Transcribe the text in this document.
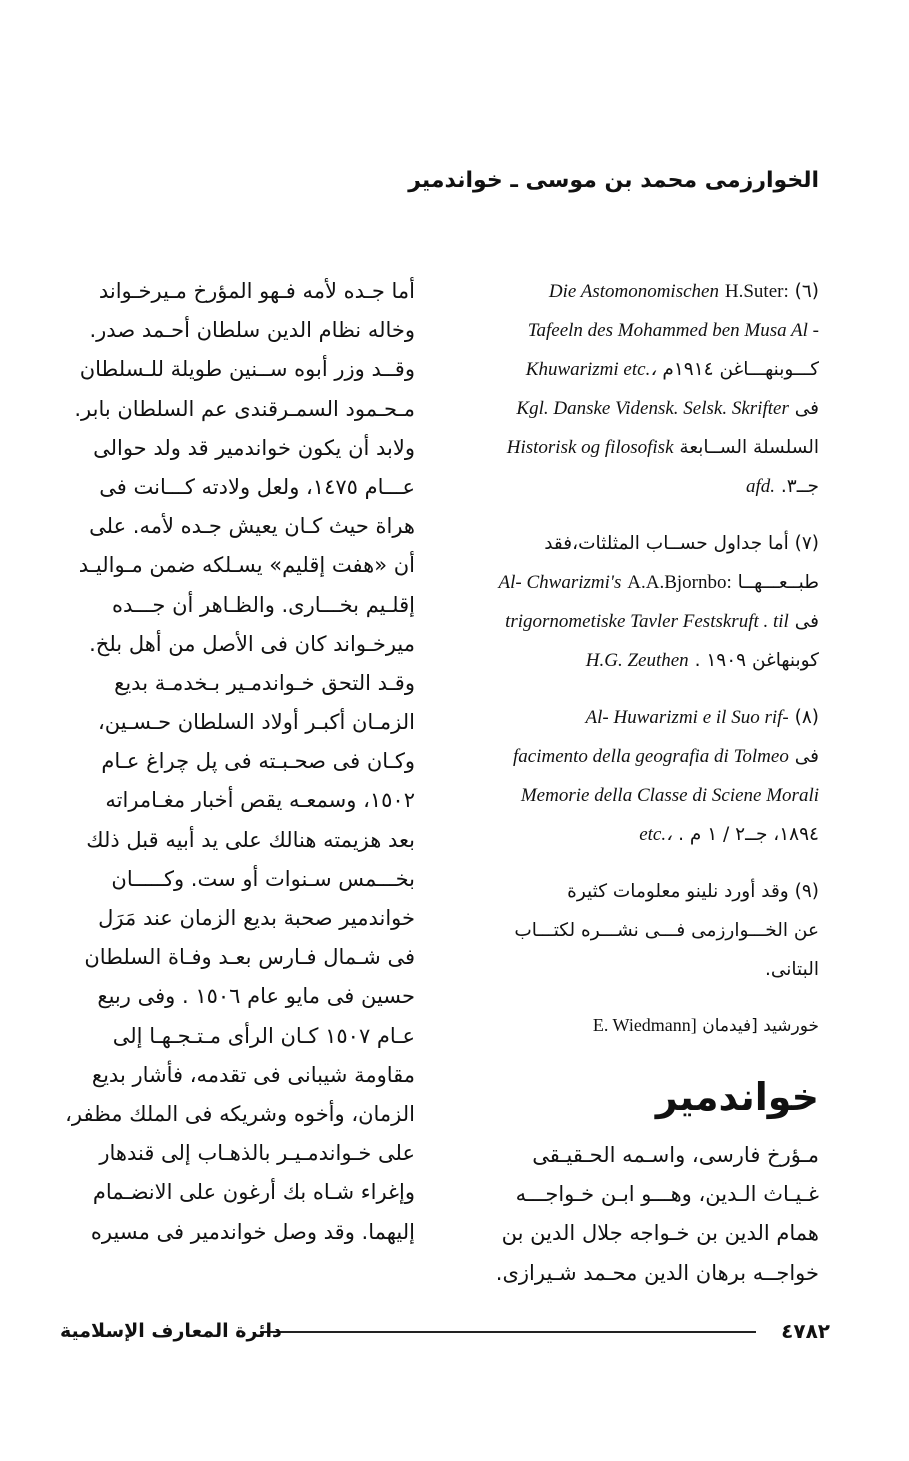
الخوارزمى محمد بن موسى ـ خواندمير
(٦) H.Suter: Die Astomonomischen
Tafeeln des Mohammed ben Musa Al -
كـــوبنهـــاغن ١٩١٤م Khuwarizmi etc.،
فى Kgl. Danske Vidensk. Selsk. Skrifter
السلسلة الســابعة Historisk og filosofisk
جــ٣. afd.
(٧) أما جداول حســاب المثلثات،فقد
طبــعـــهــا A.A.Bjornbo: Al- Chwarizmi's
فى trigornometiske Tavler Festskruft . til
كوبنهاغن ١٩٠٩ . H.G. Zeuthen
(٨) Al- Huwarizmi e il Suo rif-
فى facimento della geografia di Tolmeo
Memorie della Classe di Sciene Morali
١٨٩٤، جــ٢ / ١ م . etc.،
(٩) وقد أورد نلينو معلومات كثيرة
عن الخـــوارزمى فـــى نشـــره لكتـــاب
البتانى.
خورشيد [فيدمان E. Wiedmann]
خواندمير
مـؤرخ فارسى، واسـمه الحـقيـقى
غـيـاث الـدين، وهـــو ابـن خـواجـــه
همام الدين بن خـواجه جلال الدين بن
خواجــه برهان الدين محـمد شـيرازى.
أما جـده لأمه فـهو المؤرخ مـيرخـواند
وخاله نظام الدين سلطان أحـمد صدر.
وقــد وزر أبوه ســنين طويلة للـسلطان
مـحـمود السمـرقندى عم السلطان بابر.
ولابد أن يكون خواندمير قد ولد حوالى
عـــام ١٤٧٥، ولعل ولادته كـــانت فى
هراة حيث كـان يعيش جـده لأمه. على
أن «هفت إقليم» يسـلكه ضمن مـواليـد
إقلـيم بخـــارى. والظـاهر أن جـــده
ميرخـواند كان فى الأصل من أهل بلخ.
وقـد التحق خـواندمـير بـخدمـة بديع
الزمـان أكبـر أولاد السلطان حـسـين،
وكـان فى صحـبـته فى پل چراغ عـام
١٥٠٢، وسمعـه يقص أخبار مغـامراته
بعد هزيمته هنالك على يد أبيه قبل ذلك
بخـــمس سـنوات أو ست. وكـــــان
خواندمير صحبة بديع الزمان عند مَرَل
فى شـمال فـارس بعـد وفـاة السلطان
حسين فى مايو عام ١٥٠٦ . وفى ربيع
عـام ١٥٠٧ كـان الرأى مـتـجـهـا إلى
مقاومة شيبانى فى تقدمه، فأشار بديع
الزمان، وأخوه وشريكه فى الملك مظفر،
على خـواندمـيـر بالذهـاب إلى قندهار
وإغراء شـاه بك أرغون على الانضـمام
إليهما. وقد وصل خواندمير فى مسيره
٤٧٨٢
دائرة المعارف الإسلامية
